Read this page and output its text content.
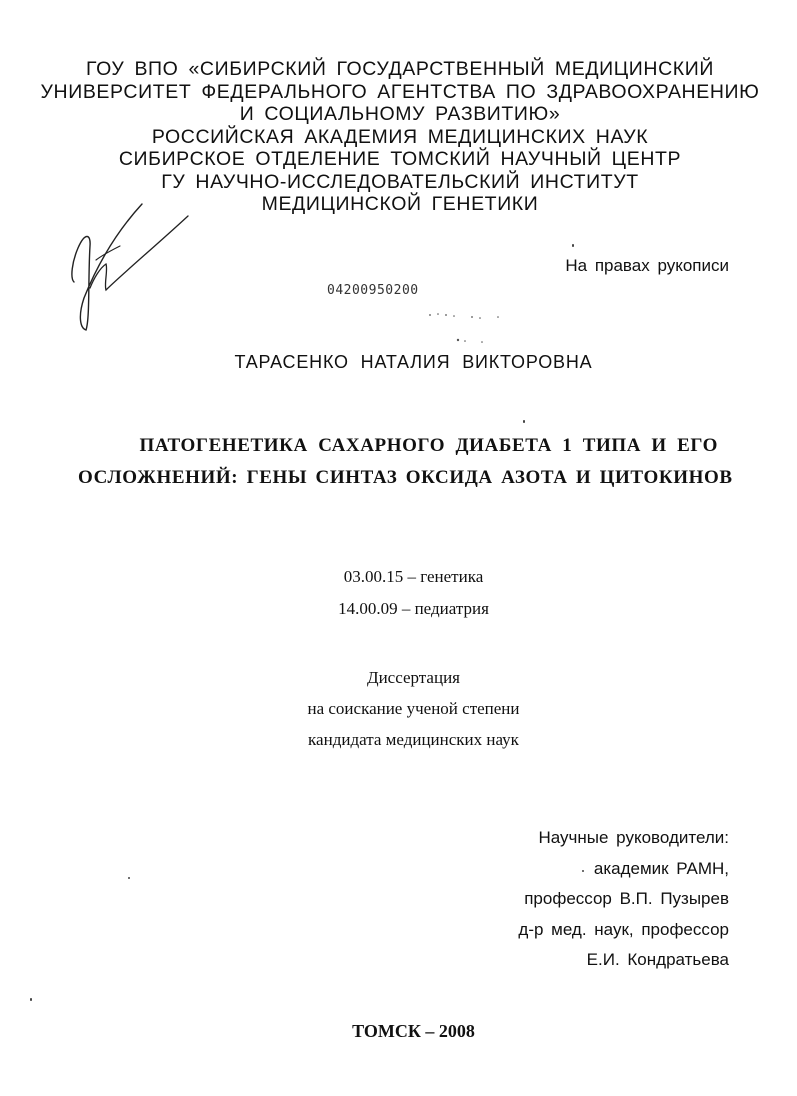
ГОУ ВПО «СИБИРСКИЙ ГОСУДАРСТВЕННЫЙ МЕДИЦИНСКИЙ
УНИВЕРСИТЕТ ФЕДЕРАЛЬНОГО АГЕНТСТВА ПО ЗДРАВООХРАНЕНИЮ
И СОЦИАЛЬНОМУ РАЗВИТИЮ»
РОССИЙСКАЯ АКАДЕМИЯ МЕДИЦИНСКИХ НАУК
СИБИРСКОЕ ОТДЕЛЕНИЕ ТОМСКИЙ НАУЧНЫЙ ЦЕНТР
ГУ НАУЧНО-ИССЛЕДОВАТЕЛЬСКИЙ ИНСТИТУТ
МЕДИЦИНСКОЙ ГЕНЕТИКИ
На правах рукописи
04200950200
ТАРАСЕНКО НАТАЛИЯ ВИКТОРОВНА
ПАТОГЕНЕТИКА САХАРНОГО ДИАБЕТА 1 ТИПА И ЕГО
ОСЛОЖНЕНИЙ: ГЕНЫ СИНТАЗ ОКСИДА АЗОТА И ЦИТОКИНОВ
03.00.15 – генетика
14.00.09 – педиатрия
Диссертация
на соискание ученой степени
кандидата медицинских наук
Научные руководители:
академик РАМН,
профессор В.П. Пузырев
д-р мед. наук, профессор
Е.И. Кондратьева
ТОМСК – 2008
